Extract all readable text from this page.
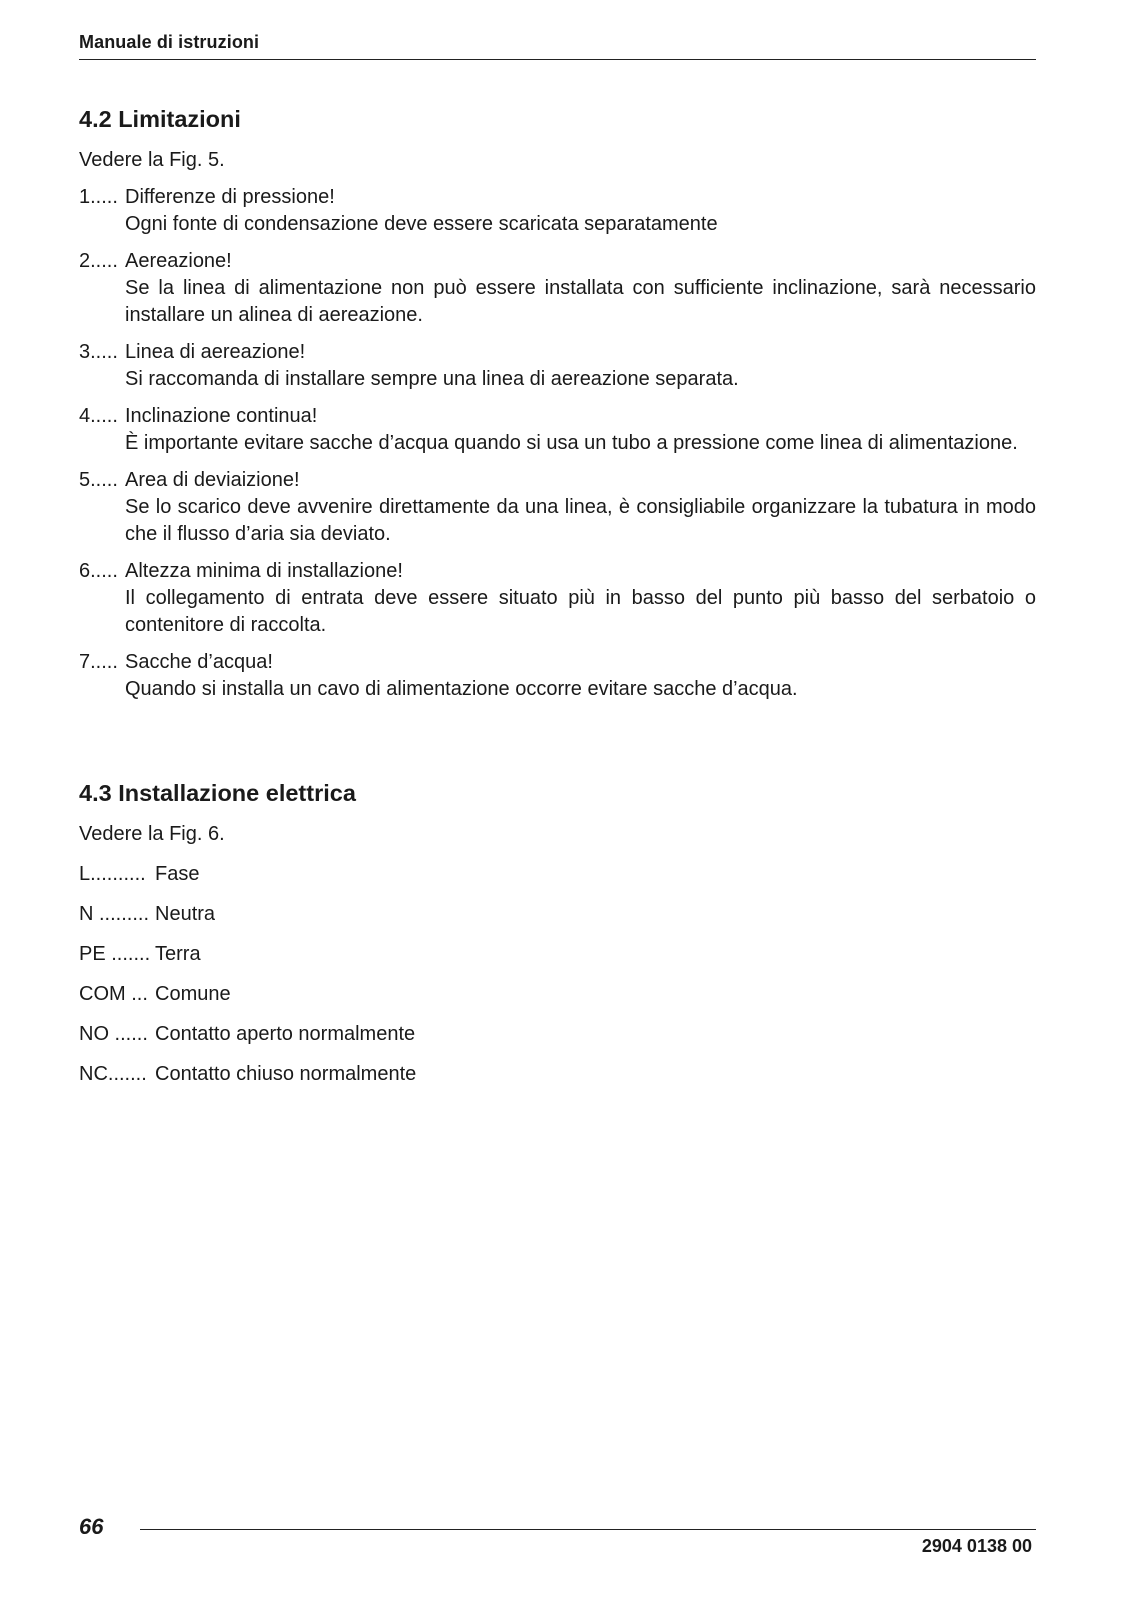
Manuale di istruzioni
4.2 Limitazioni

Vedere la Fig. 5.

1..... Differenze di pressione!
Ogni fonte di condensazione deve essere scaricata separatamente
2..... Aereazione!
Se la linea di alimentazione non può essere installata con sufficiente inclinazione, sarà necessario installare un alinea di aereazione.
3..... Linea di aereazione!
Si raccomanda di installare sempre una linea di aereazione separata.
4..... Inclinazione continua!
È importante evitare sacche d’acqua quando si usa un tubo a pressione come linea di alimentazione.
5..... Area di deviaizione!
Se lo scarico deve avvenire direttamente da una linea, è consigliabile organizzare la tubatura in modo che il flusso d’aria sia deviato.
6..... Altezza minima di installazione!
Il collegamento di entrata deve essere situato più in basso del punto più basso del serbatoio o contenitore di raccolta.
7..... Sacche d’acqua!
Quando si installa un cavo di alimentazione occorre evitare sacche d’acqua.
4.3 Installazione elettrica

Vedere la Fig. 6.

L.......... Fase
N ......... Neutra
PE ....... Terra
COM ... Comune
NO ...... Contatto aperto normalmente
NC....... Contatto chiuso normalmente
66
2904 0138 00
